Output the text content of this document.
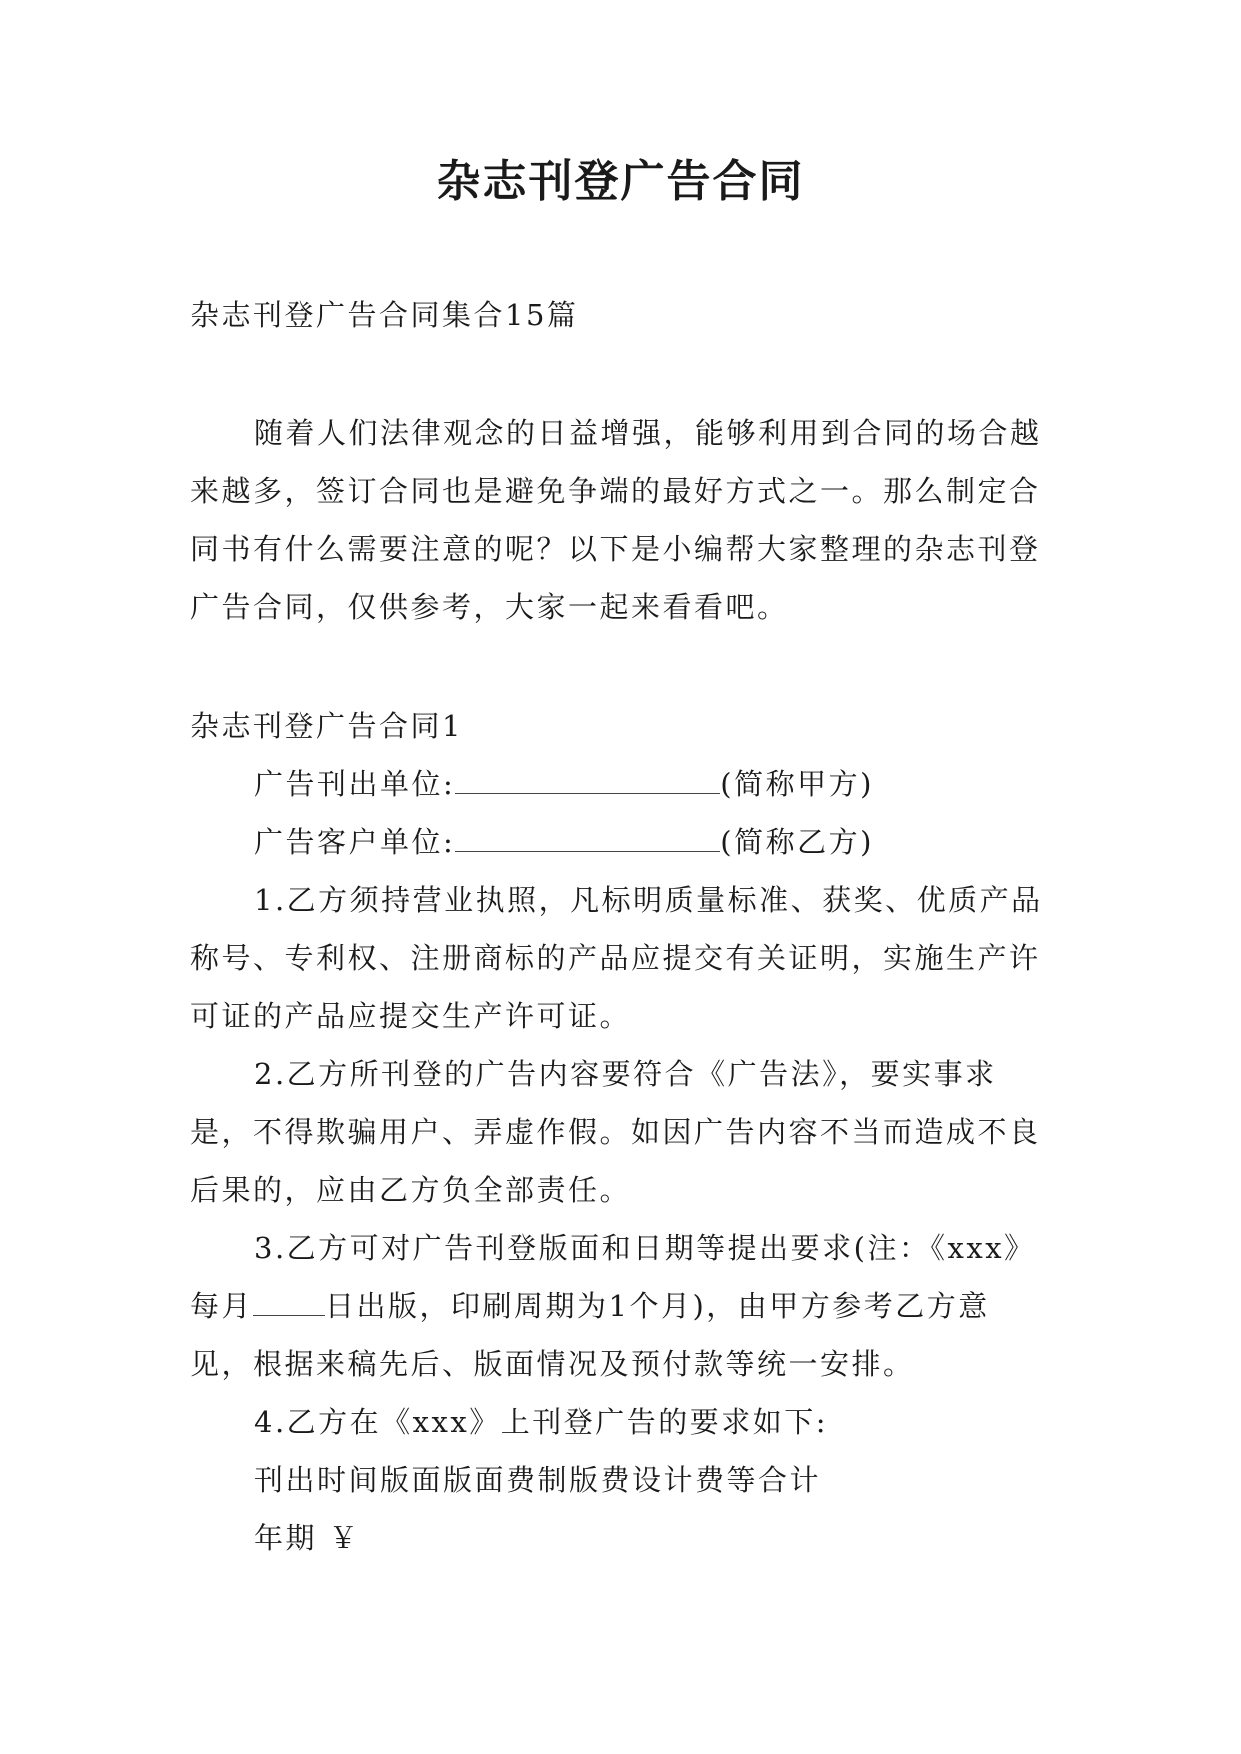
杂志刊登广告合同

杂志刊登广告合同集合15篇

随着人们法律观念的日益增强，能够利用到合同的场合越来越多，签订合同也是避免争端的最好方式之一。那么制定合同书有什么需要注意的呢？以下是小编帮大家整理的杂志刊登广告合同，仅供参考，大家一起来看看吧。

杂志刊登广告合同1

广告刊出单位:	(简称甲方)

广告客户单位:	(简称乙方)

1.乙方须持营业执照，凡标明质量标准、获奖、优质产品称号、专利权、注册商标的产品应提交有关证明，实施生产许可证的产品应提交生产许可证。

2.乙方所刊登的广告内容要符合《广告法》，要实事求是，不得欺骗用户、弄虚作假。如因广告内容不当而造成不良后果的，应由乙方负全部责任。

3.乙方可对广告刊登版面和日期等提出要求(注：《xxx》每月 日出版，印刷周期为1个月)，由甲方参考乙方意见，根据来稿先后、版面情况及预付款等统一安排。

4.乙方在《xxx》上刊登广告的要求如下:

刊出时间版面版面费制版费设计费等合计

年期 ￥
